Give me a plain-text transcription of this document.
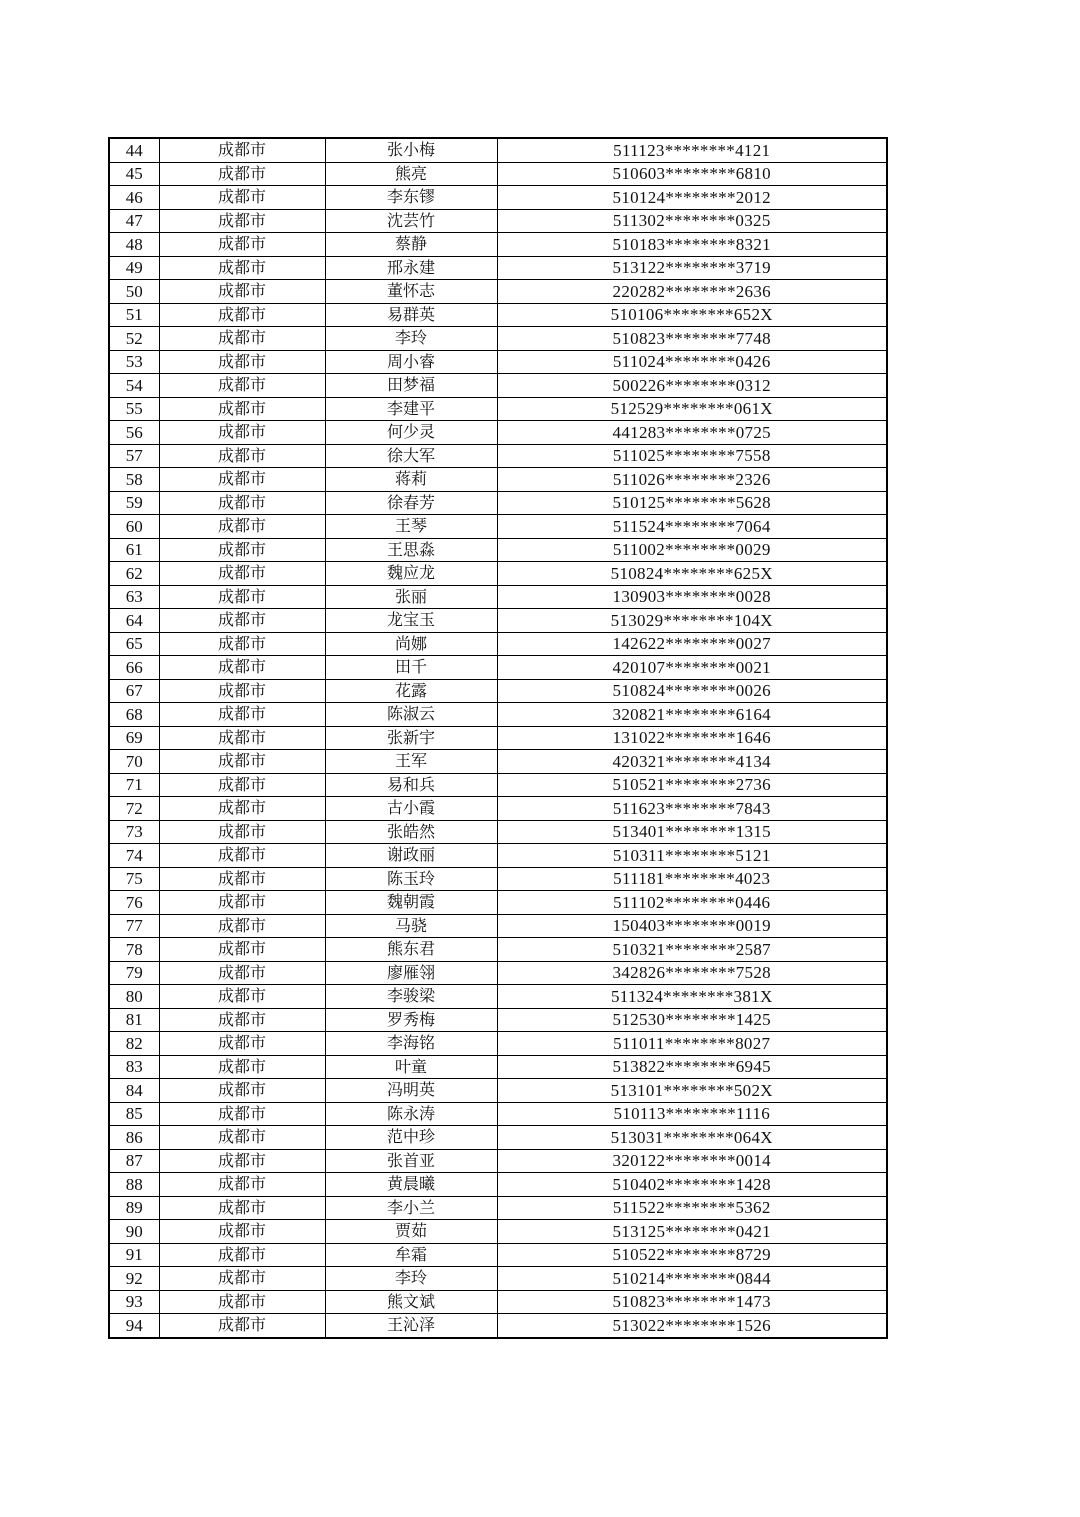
44	成都市	张小梅	511123********4121
45	成都市	熊亮	510603********6810
46	成都市	李东镠	510124********2012
47	成都市	沈芸竹	511302********0325
48	成都市	蔡静	510183********8321
49	成都市	邢永建	513122********3719
50	成都市	董怀志	220282********2636
51	成都市	易群英	510106********652X
52	成都市	李玲	510823********7748
53	成都市	周小睿	511024********0426
54	成都市	田梦福	500226********0312
55	成都市	李建平	512529********061X
56	成都市	何少灵	441283********0725
57	成都市	徐大军	511025********7558
58	成都市	蒋莉	511026********2326
59	成都市	徐春芳	510125********5628
60	成都市	王琴	511524********7064
61	成都市	王思淼	511002********0029
62	成都市	魏应龙	510824********625X
63	成都市	张丽	130903********0028
64	成都市	龙宝玉	513029********104X
65	成都市	尚娜	142622********0027
66	成都市	田千	420107********0021
67	成都市	花露	510824********0026
68	成都市	陈淑云	320821********6164
69	成都市	张新宇	131022********1646
70	成都市	王军	420321********4134
71	成都市	易和兵	510521********2736
72	成都市	古小霞	511623********7843
73	成都市	张皓然	513401********1315
74	成都市	谢政丽	510311********5121
75	成都市	陈玉玲	511181********4023
76	成都市	魏朝霞	511102********0446
77	成都市	马骁	150403********0019
78	成都市	熊东君	510321********2587
79	成都市	廖雁翎	342826********7528
80	成都市	李骏梁	511324********381X
81	成都市	罗秀梅	512530********1425
82	成都市	李海铭	511011********8027
83	成都市	叶童	513822********6945
84	成都市	冯明英	513101********502X
85	成都市	陈永涛	510113********1116
86	成都市	范中珍	513031********064X
87	成都市	张首亚	320122********0014
88	成都市	黄晨曦	510402********1428
89	成都市	李小兰	511522********5362
90	成都市	贾茹	513125********0421
91	成都市	牟霜	510522********8729
92	成都市	李玲	510214********0844
93	成都市	熊文斌	510823********1473
94	成都市	王沁泽	513022********1526
